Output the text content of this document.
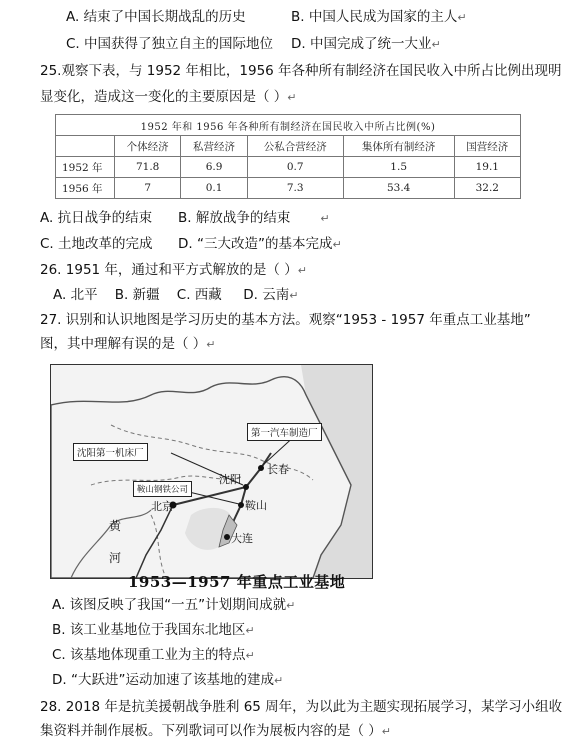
A. 结束了中国长期战乱的历史	B. 中国人民成为国家的主人↵
C. 中国获得了独立自主的国际地位 D. 中国完成了统一大业↵
25.观察下表，与 1952 年相比，1956 年各种所有制经济在国民收入中所占比例出现明
显变化，造成这一变化的主要原因是（ ）↵
1952 年和 1956 年各种所有制经济在国民收入中所占比例(%)					
	个体经济	私营经济	公私合营经济	集体所有制经济	国营经济
1952 年	71.8	6.9	0.7	1.5	19.1
1956 年	7	0.1	7.3	53.4	32.2
A. 抗日战争的结束 B. 解放战争的结束	↵
C. 土地改革的完成 D. “三大改造”的基本完成↵
26. 1951 年，通过和平方式解放的是（ ）↵
A. 北平 B. 新疆 C. 西藏 D. 云南↵
27. 识别和认识地图是学习历史的基本方法。观察“1953 - 1957 年重点工业基地”
图，其中理解有误的是（ ）↵
第一汽车制造厂
沈阳第一机床厂
鞍山钢铁公司
沈阳
长春
鞍山
北京
大连
黄
河
1953—1957 年重点工业基地
A. 该图反映了我国“一五”计划期间成就↵
B. 该工业基地位于我国东北地区↵
C. 该基地体现重工业为主的特点↵
D. “大跃进”运动加速了该基地的建成↵
28. 2018 年是抗美援朝战争胜利 65 周年，为以此为主题实现拓展学习，某学习小组收
集资料并制作展板。下列歌词可以作为展板内容的是（ ）↵
